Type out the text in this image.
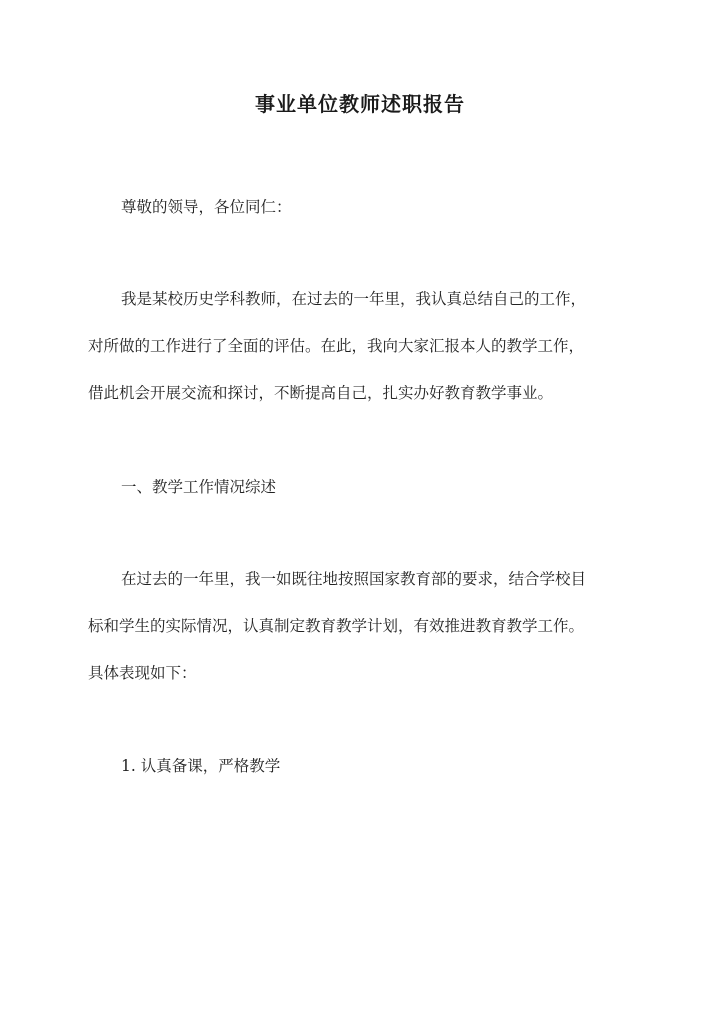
事业单位教师述职报告
尊敬的领导，各位同仁：
我是某校历史学科教师，在过去的一年里，我认真总结自己的工作，
对所做的工作进行了全面的评估。在此，我向大家汇报本人的教学工作，
借此机会开展交流和探讨，不断提高自己，扎实办好教育教学事业。
一、教学工作情况综述
在过去的一年里，我一如既往地按照国家教育部的要求，结合学校目
标和学生的实际情况，认真制定教育教学计划，有效推进教育教学工作。
具体表现如下：
1. 认真备课，严格教学
